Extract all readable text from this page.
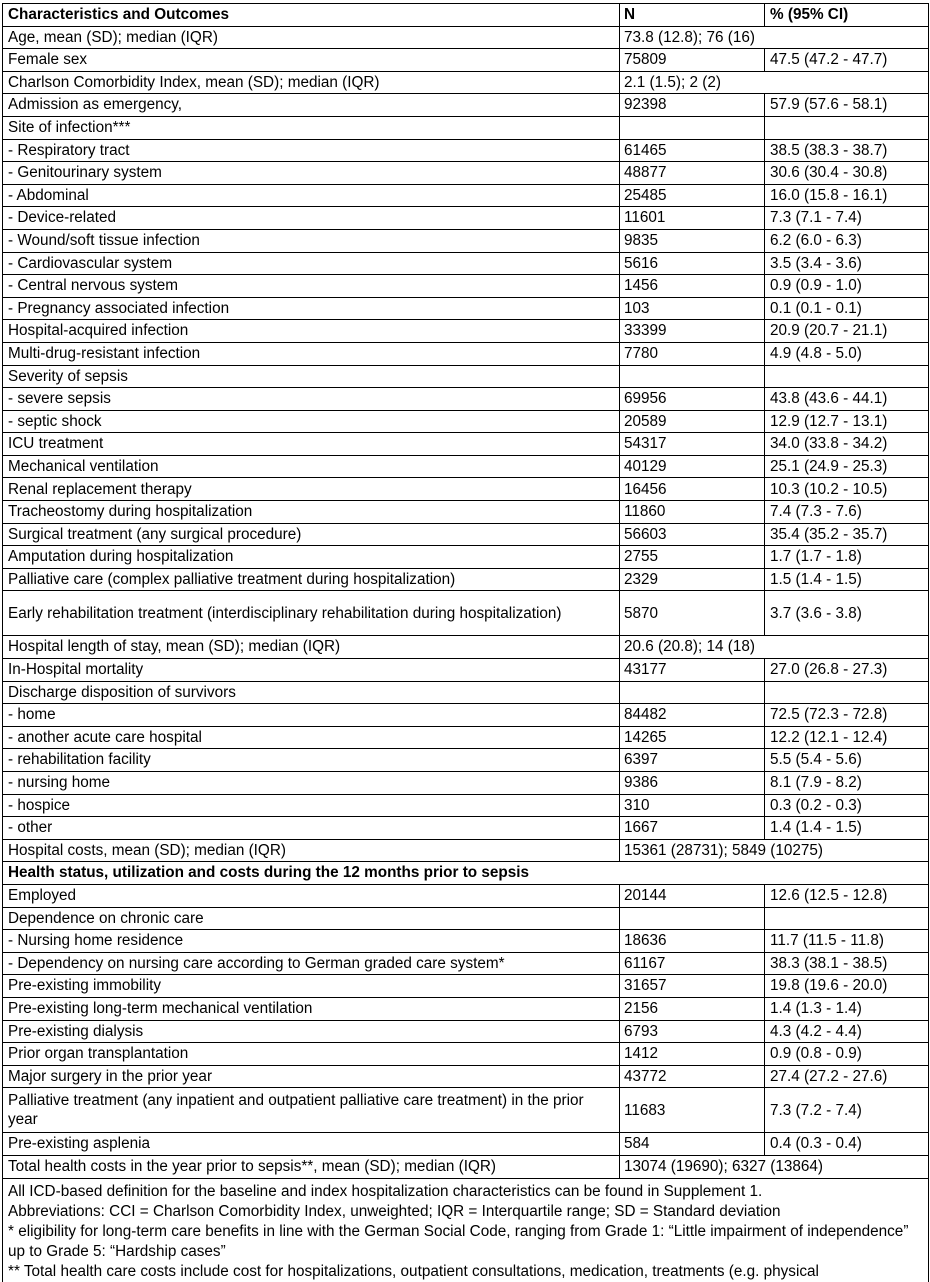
Characteristics and Outcomes	N	% (95% CI)
Age, mean (SD); median (IQR)	73.8 (12.8); 76 (16)	
Female sex	75809	47.5 (47.2 - 47.7)
Charlson Comorbidity Index, mean (SD); median (IQR)	2.1 (1.5); 2 (2)	
Admission as emergency,	92398	57.9 (57.6 - 58.1)
Site of infection***		
- Respiratory tract	61465	38.5 (38.3 - 38.7)
- Genitourinary system	48877	30.6 (30.4 - 30.8)
- Abdominal	25485	16.0 (15.8 - 16.1)
- Device-related	11601	7.3 (7.1 - 7.4)
- Wound/soft tissue infection	9835	6.2 (6.0 - 6.3)
- Cardiovascular system	5616	3.5 (3.4 - 3.6)
- Central nervous system	1456	0.9 (0.9 - 1.0)
- Pregnancy associated infection	103	0.1 (0.1 - 0.1)
Hospital-acquired infection	33399	20.9 (20.7 - 21.1)
Multi-drug-resistant infection	7780	4.9 (4.8 - 5.0)
Severity of sepsis		
- severe sepsis	69956	43.8 (43.6 - 44.1)
- septic shock	20589	12.9 (12.7 - 13.1)
ICU treatment	54317	34.0 (33.8 - 34.2)
Mechanical ventilation	40129	25.1 (24.9 - 25.3)
Renal replacement therapy	16456	10.3 (10.2 - 10.5)
Tracheostomy during hospitalization	11860	7.4 (7.3 - 7.6)
Surgical treatment (any surgical procedure)	56603	35.4 (35.2 - 35.7)
Amputation during hospitalization	2755	1.7 (1.7 - 1.8)
Palliative care (complex palliative treatment during hospitalization)	2329	1.5 (1.4 - 1.5)
Early rehabilitation treatment (interdisciplinary rehabilitation during hospitalization)	5870	3.7 (3.6 - 3.8)
Hospital length of stay, mean (SD); median (IQR)	20.6 (20.8); 14 (18)	
In-Hospital mortality	43177	27.0 (26.8 - 27.3)
Discharge disposition of survivors		
- home	84482	72.5 (72.3 - 72.8)
- another acute care hospital	14265	12.2 (12.1 - 12.4)
- rehabilitation facility	6397	5.5 (5.4 - 5.6)
- nursing home	9386	8.1 (7.9 - 8.2)
- hospice	310	0.3 (0.2 - 0.3)
- other	1667	1.4 (1.4 - 1.5)
Hospital costs, mean (SD); median (IQR)	15361 (28731); 5849 (10275)	
Health status, utilization and costs during the 12 months prior to sepsis		
Employed	20144	12.6 (12.5 - 12.8)
Dependence on chronic care		
- Nursing home residence	18636	11.7 (11.5 - 11.8)
- Dependency on nursing care according to German graded care system*	61167	38.3 (38.1 - 38.5)
Pre-existing immobility	31657	19.8 (19.6 - 20.0)
Pre-existing long-term mechanical ventilation	2156	1.4 (1.3 - 1.4)
Pre-existing dialysis	6793	4.3 (4.2 - 4.4)
Prior organ transplantation	1412	0.9 (0.8 - 0.9)
Major surgery in the prior year	43772	27.4 (27.2 - 27.6)
Palliative treatment (any inpatient and outpatient palliative care treatment) in the prior year	11683	7.3 (7.2 - 7.4)
Pre-existing asplenia	584	0.4 (0.3 - 0.4)
Total health costs in the year prior to sepsis**, mean (SD); median (IQR)	13074 (19690); 6327 (13864)	

All ICD-based definition for the baseline and index hospitalization characteristics can be found in Supplement 1.
Abbreviations: CCI = Charlson Comorbidity Index, unweighted; IQR = Interquartile range; SD = Standard deviation
* eligibility for long-term care benefits in line with the German Social Code, ranging from Grade 1: “Little impairment of independence” up to Grade 5: “Hardship cases”
** Total health care costs include cost for hospitalizations, outpatient consultations, medication, treatments (e.g. physical		
